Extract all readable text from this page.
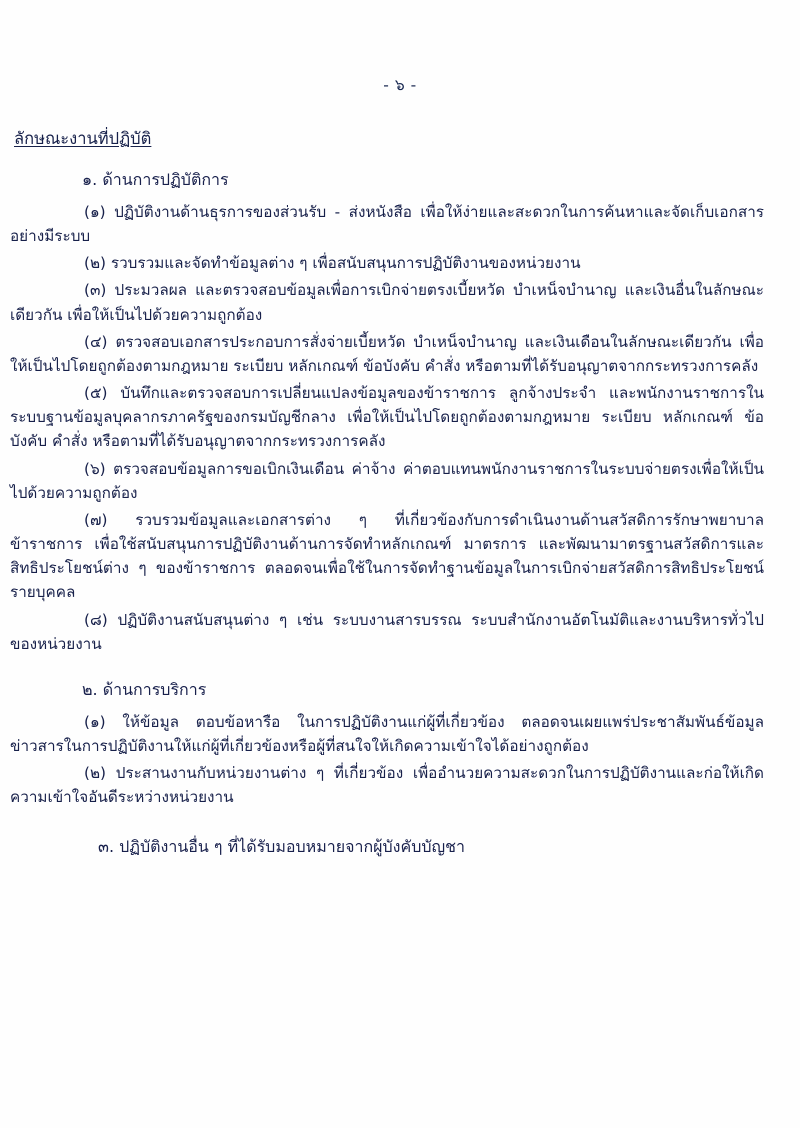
- ๖ -
ลักษณะงานที่ปฏิบัติ
๑. ด้านการปฏิบัติการ

(๑) ปฏิบัติงานด้านธุรการของส่วนรับ - ส่งหนังสือ เพื่อให้ง่ายและสะดวกในการค้นหาและจัดเก็บเอกสารอย่างมีระบบ

(๒) รวบรวมและจัดทำข้อมูลต่าง ๆ เพื่อสนับสนุนการปฏิบัติงานของหน่วยงาน

(๓) ประมวลผล และตรวจสอบข้อมูลเพื่อการเบิกจ่ายตรงเบี้ยหวัด บำเหน็จบำนาญ และเงินอื่นในลักษณะเดียวกัน เพื่อให้เป็นไปด้วยความถูกต้อง

(๔) ตรวจสอบเอกสารประกอบการสั่งจ่ายเบี้ยหวัด บำเหน็จบำนาญ และเงินเดือนในลักษณะเดียวกัน เพื่อให้เป็นไปโดยถูกต้องตามกฎหมาย ระเบียบ หลักเกณฑ์ ข้อบังคับ คำสั่ง หรือตามที่ได้รับอนุญาตจากกระทรวงการคลัง

(๕) บันทึกและตรวจสอบการเปลี่ยนแปลงข้อมูลของข้าราชการ ลูกจ้างประจำ และพนักงานราชการในระบบฐานข้อมูลบุคลากรภาครัฐของกรมบัญชีกลาง เพื่อให้เป็นไปโดยถูกต้องตามกฎหมาย ระเบียบ หลักเกณฑ์ ข้อบังคับ คำสั่ง หรือตามที่ได้รับอนุญาตจากกระทรวงการคลัง

(๖) ตรวจสอบข้อมูลการขอเบิกเงินเดือน ค่าจ้าง ค่าตอบแทนพนักงานราชการในระบบจ่ายตรงเพื่อให้เป็นไปด้วยความถูกต้อง

(๗) รวบรวมข้อมูลและเอกสารต่าง ๆ ที่เกี่ยวข้องกับการดำเนินงานด้านสวัสดิการรักษาพยาบาลข้าราชการ เพื่อใช้สนับสนุนการปฏิบัติงานด้านการจัดทำหลักเกณฑ์ มาตรการ และพัฒนามาตรฐานสวัสดิการและสิทธิประโยชน์ต่าง ๆ ของข้าราชการ ตลอดจนเพื่อใช้ในการจัดทำฐานข้อมูลในการเบิกจ่ายสวัสดิการสิทธิประโยชน์รายบุคคล

(๘) ปฏิบัติงานสนับสนุนต่าง ๆ เช่น ระบบงานสารบรรณ ระบบสำนักงานอัตโนมัติและงานบริหารทั่วไปของหน่วยงาน

๒. ด้านการบริการ

(๑) ให้ข้อมูล ตอบข้อหารือ ในการปฏิบัติงานแก่ผู้ที่เกี่ยวข้อง ตลอดจนเผยแพร่ประชาสัมพันธ์ข้อมูลข่าวสารในการปฏิบัติงานให้แก่ผู้ที่เกี่ยวข้องหรือผู้ที่สนใจให้เกิดความเข้าใจได้อย่างถูกต้อง

(๒) ประสานงานกับหน่วยงานต่าง ๆ ที่เกี่ยวข้อง เพื่ออำนวยความสะดวกในการปฏิบัติงานและก่อให้เกิดความเข้าใจอันดีระหว่างหน่วยงาน

๓. ปฏิบัติงานอื่น ๆ ที่ได้รับมอบหมายจากผู้บังคับบัญชา
